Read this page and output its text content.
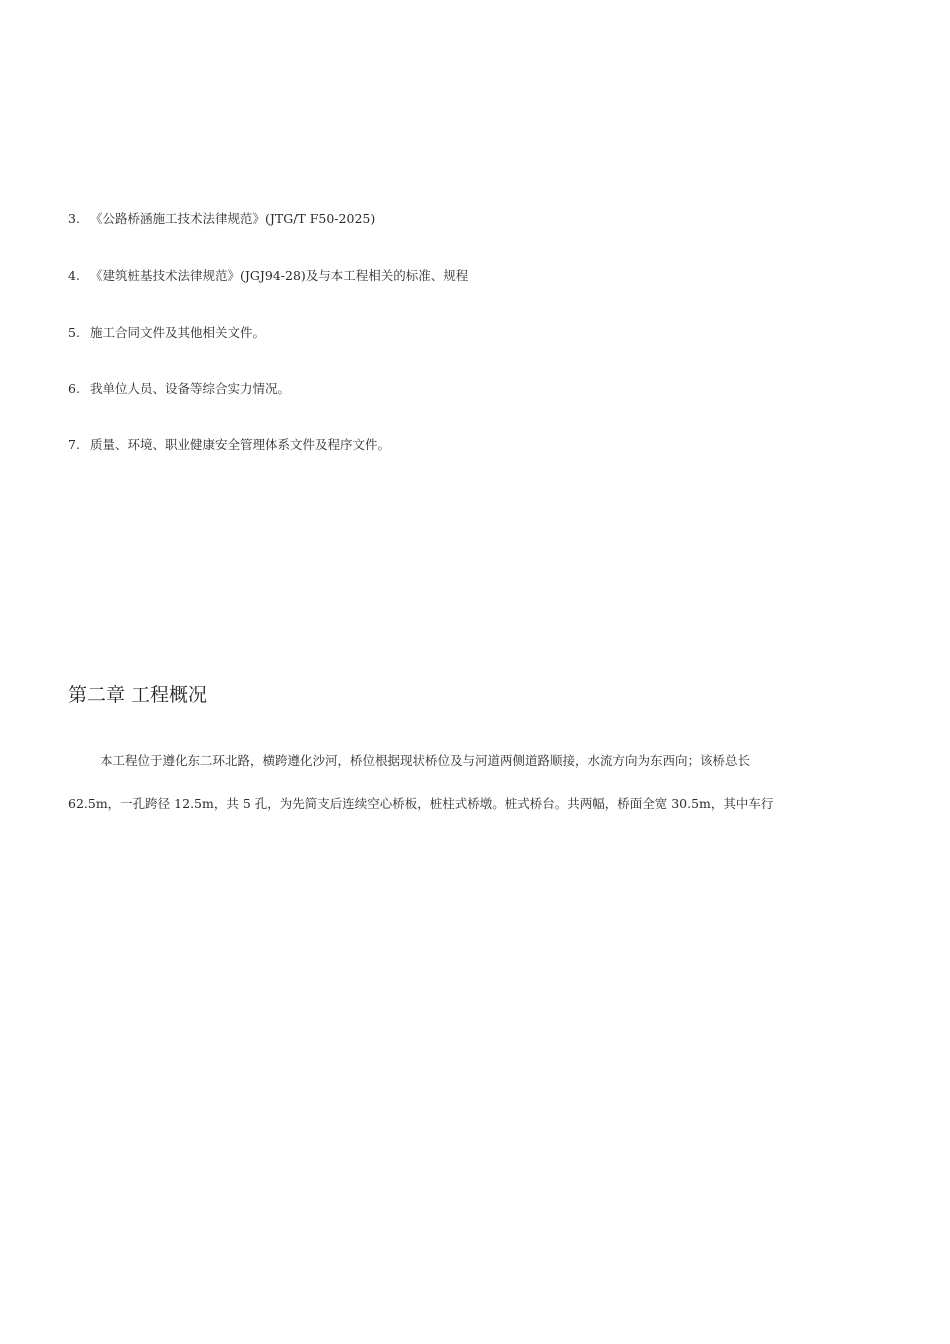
3. 《公路桥涵施工技术法律规范》(JTG/T F50-2025)
4. 《建筑桩基技术法律规范》(JGJ94-28)及与本工程相关的标准、规程
5. 施工合同文件及其他相关文件。
6. 我单位人员、设备等综合实力情况。
7. 质量、环境、职业健康安全管理体系文件及程序文件。
第二章 工程概况
本工程位于遵化东二环北路，横跨遵化沙河，桥位根据现状桥位及与河道两侧道路顺接，水流方向为东西向；该桥总长
62.5m，一孔跨径 12.5m，共 5 孔，为先简支后连续空心桥板，桩柱式桥墩。桩式桥台。共两幅，桥面全宽 30.5m，其中车行
